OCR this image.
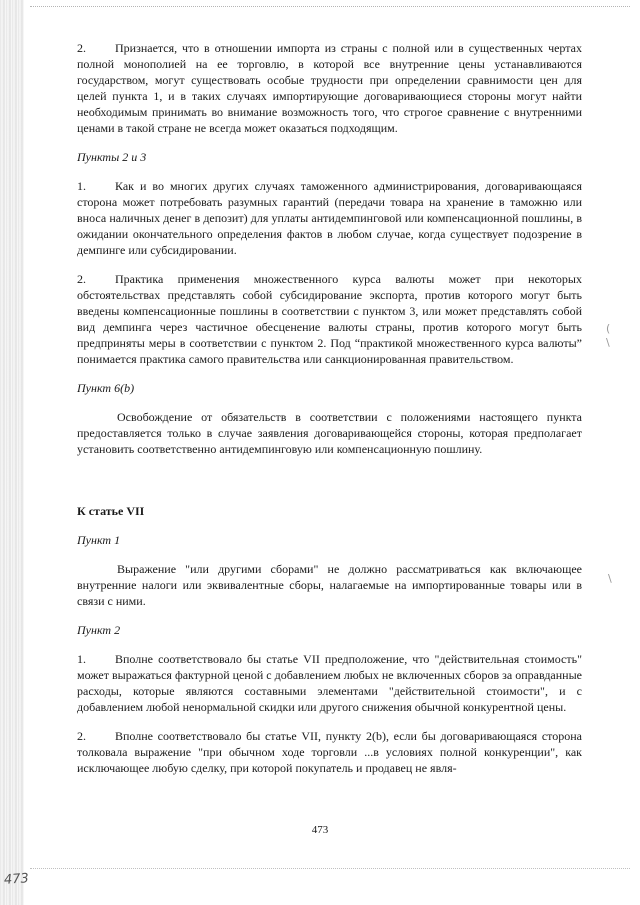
2. Признается, что в отношении импорта из страны с полной или в существенных чертах полной монополией на ее торговлю, в которой все внутренние цены устанавливаются государством, могут существовать особые трудности при определении сравнимости цен для целей пункта 1, и в таких случаях импортирующие договаривающиеся стороны могут найти необходимым принимать во внимание возможность того, что строгое сравнение с внутренними ценами в такой стране не всегда может оказаться подходящим.

Пункты 2 и 3

1. Как и во многих других случаях таможенного администрирования, договаривающаяся сторона может потребовать разумных гарантий (передачи товара на хранение в таможню или вноса наличных денег в депозит) для уплаты антидемпинговой или компенсационной пошлины, в ожидании окончательного определения фактов в любом случае, когда существует подозрение в демпинге или субсидировании.

2. Практика применения множественного курса валюты может при некоторых обстоятельствах представлять собой субсидирование экспорта, против которого могут быть введены компенсационные пошлины в соответствии с пунктом 3, или может представлять собой вид демпинга через частичное обесценение валюты страны, против которого могут быть предприняты меры в соответствии с пунктом 2. Под “практикой множественного курса валюты” понимается практика самого правительства или санкционированная правительством.

Пункт 6(b)

Освобождение от обязательств в соответствии с положениями настоящего пункта предоставляется только в случае заявления договаривающейся стороны, которая предполагает установить соответственно антидемпинговую или компенсационную пошлину.

К статье VII

Пункт 1

Выражение "или другими сборами" не должно рассматриваться как включающее внутренние налоги или эквивалентные сборы, налагаемые на импортированные товары или в связи с ними.

Пункт 2

1. Вполне соответствовало бы статье VII предположение, что "действительная стоимость" может выражаться фактурной ценой с добавлением любых не включенных сборов за оправданные расходы, которые являются составными элементами "действительной стоимости", и с добавлением любой ненормальной скидки или другого снижения обычной конкурентной цены.

2. Вполне соответствовало бы статье VII, пункту 2(b), если бы договаривающаяся сторона толковала выражение "при обычном ходе торговли ...в условиях полной конкуренции", как исключающее любую сделку, при которой покупатель и продавец не явля-

(
\
\
473
473
